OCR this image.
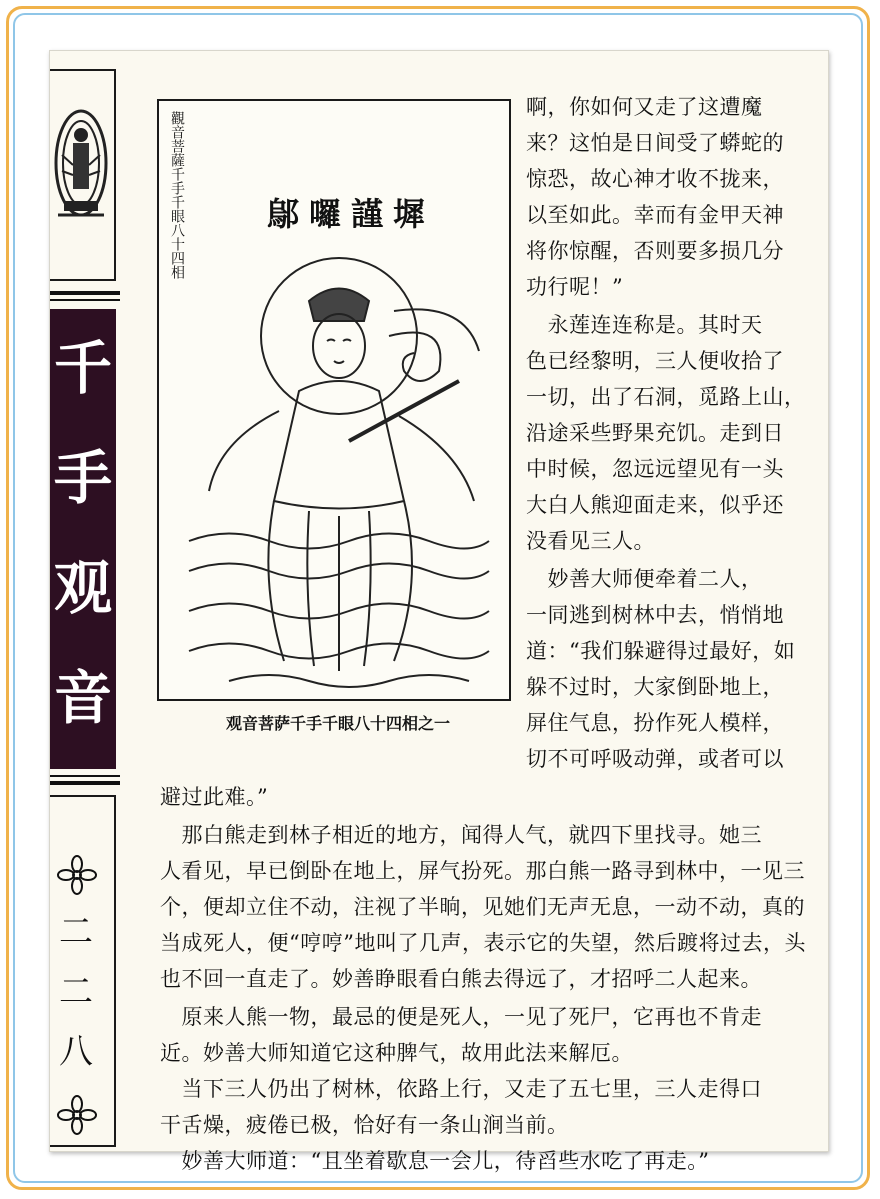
千
手
观
音
二
二
八
觀音菩薩千手千眼八十四相	鄔囉謹墀
观音菩萨千手千眼八十四相之一
啊，你如何又走了这遭魔
来？这怕是日间受了蟒蛇的
惊恐，故心神才收不拢来，
以至如此。幸而有金甲天神
将你惊醒，否则要多损几分
功行呢！”
　永莲连连称是。其时天
色已经黎明，三人便收拾了
一切，出了石洞，觅路上山，
沿途采些野果充饥。走到日
中时候，忽远远望见有一头
大白人熊迎面走来，似乎还
没看见三人。
　妙善大师便牵着二人，
一同逃到树林中去，悄悄地
道：“我们躲避得过最好，如
躲不过时，大家倒卧地上，
屏住气息，扮作死人模样，
切不可呼吸动弹，或者可以
避过此难。”
　那白熊走到林子相近的地方，闻得人气，就四下里找寻。她三
人看见，早已倒卧在地上，屏气扮死。那白熊一路寻到林中，一见三
个，便却立住不动，注视了半晌，见她们无声无息，一动不动，真的
当成死人，便“哼哼”地叫了几声，表示它的失望，然后踱将过去，头
也不回一直走了。妙善睁眼看白熊去得远了，才招呼二人起来。
　原来人熊一物，最忌的便是死人，一见了死尸，它再也不肯走
近。妙善大师知道它这种脾气，故用此法来解厄。
　当下三人仍出了树林，依路上行，又走了五七里，三人走得口
干舌燥，疲倦已极，恰好有一条山涧当前。
　妙善大师道：“且坐着歇息一会儿，待舀些水吃了再走。”
